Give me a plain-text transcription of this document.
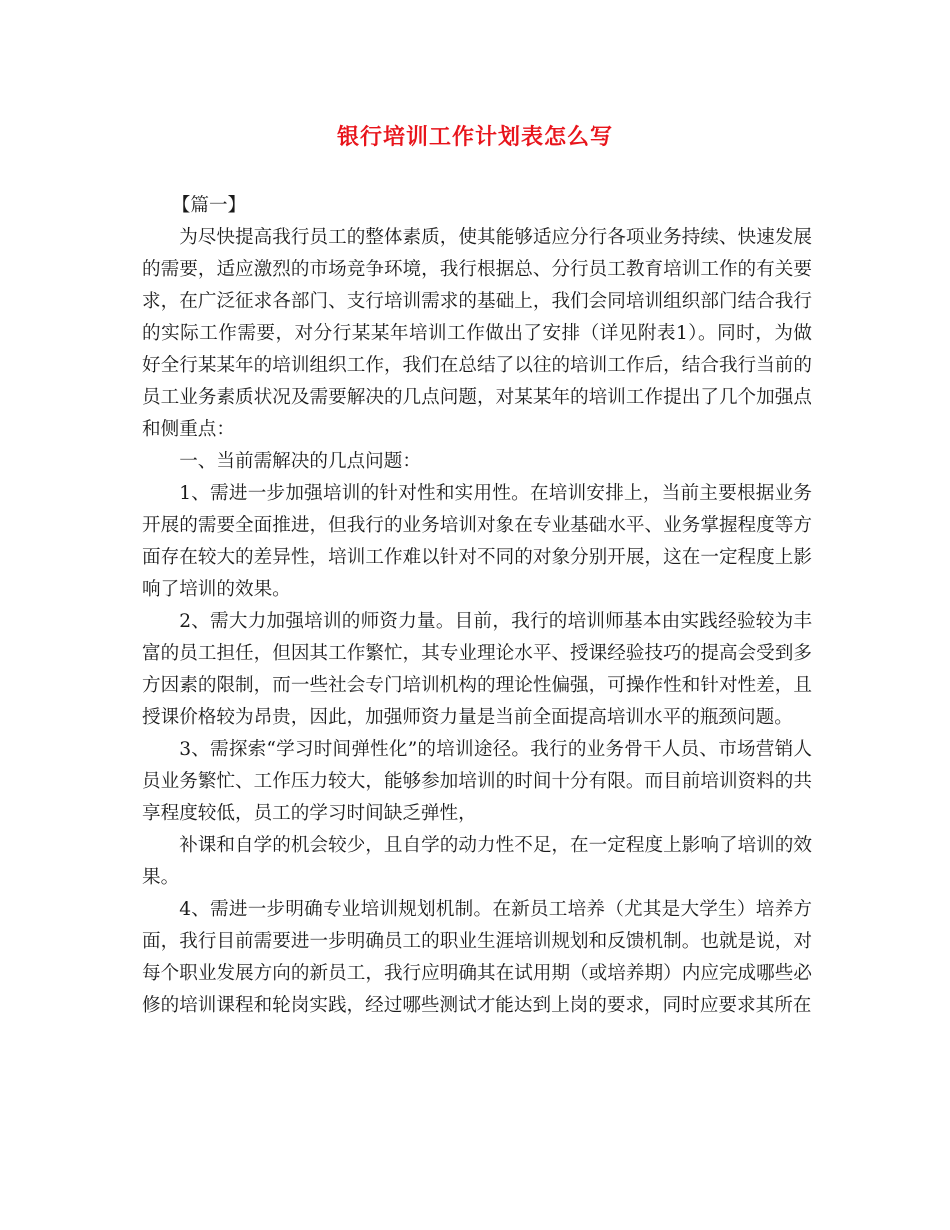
银行培训工作计划表怎么写

【篇一】

为尽快提高我行员工的整体素质，使其能够适应分行各项业务持续、快速发展的需要，适应激烈的市场竞争环境，我行根据总、分行员工教育培训工作的有关要求，在广泛征求各部门、支行培训需求的基础上，我们会同培训组织部门结合我行的实际工作需要，对分行某某年培训工作做出了安排（详见附表1）。同时，为做好全行某某年的培训组织工作，我们在总结了以往的培训工作后，结合我行当前的员工业务素质状况及需要解决的几点问题，对某某年的培训工作提出了几个加强点和侧重点：

一、当前需解决的几点问题：

1、需进一步加强培训的针对性和实用性。在培训安排上，当前主要根据业务开展的需要全面推进，但我行的业务培训对象在专业基础水平、业务掌握程度等方面存在较大的差异性，培训工作难以针对不同的对象分别开展，这在一定程度上影响了培训的效果。

2、需大力加强培训的师资力量。目前，我行的培训师基本由实践经验较为丰富的员工担任，但因其工作繁忙，其专业理论水平、授课经验技巧的提高会受到多方因素的限制，而一些社会专门培训机构的理论性偏强，可操作性和针对性差，且授课价格较为昂贵，因此，加强师资力量是当前全面提高培训水平的瓶颈问题。

3、需探索“学习时间弹性化”的培训途径。我行的业务骨干人员、市场营销人员业务繁忙、工作压力较大，能够参加培训的时间十分有限。而目前培训资料的共享程度较低，员工的学习时间缺乏弹性，

补课和自学的机会较少，且自学的动力性不足，在一定程度上影响了培训的效果。

4、需进一步明确专业培训规划机制。在新员工培养（尤其是大学生）培养方面，我行目前需要进一步明确员工的职业生涯培训规划和反馈机制。也就是说，对每个职业发展方向的新员工，我行应明确其在试用期（或培养期）内应完成哪些必修的培训课程和轮岗实践，经过哪些测试才能达到上岗的要求，同时应要求其所在
